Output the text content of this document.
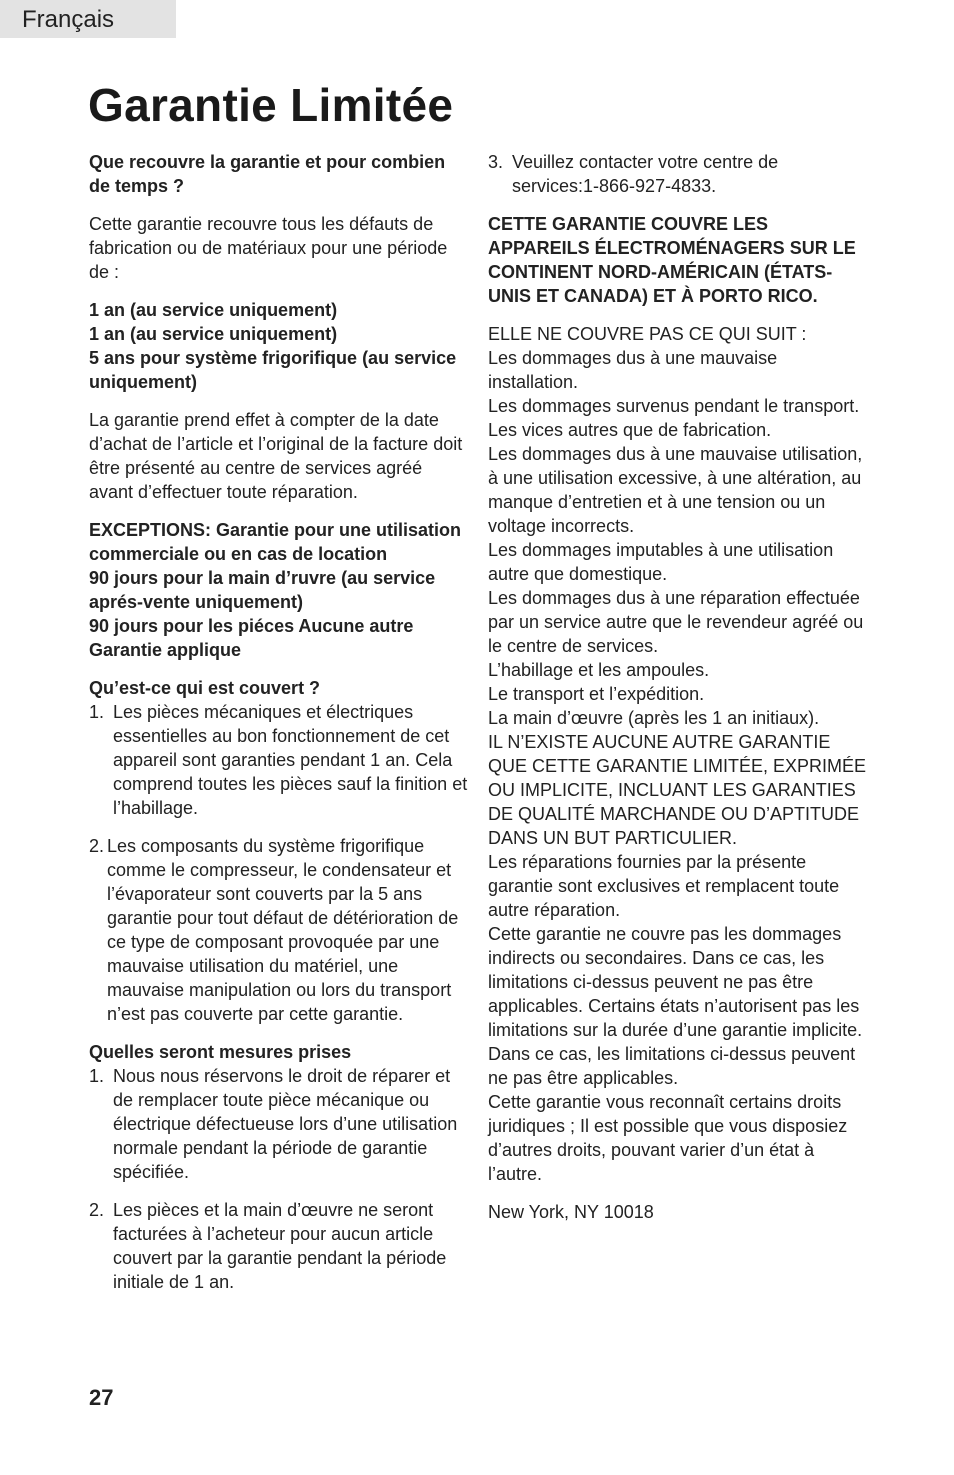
Français
Garantie Limitée
Que recouvre la garantie et pour combien de temps ?
Cette garantie recouvre tous les défauts de fabrication ou de matériaux pour une période de :
1 an (au service uniquement)
1 an (au service uniquement)
5 ans pour système frigorifique (au service uniquement)
La garantie prend effet à compter de la date d’achat de l’article et l’original de la facture doit être présenté au centre de services agréé avant d’effectuer toute réparation.
EXCEPTIONS: Garantie pour une utilisation commerciale ou en cas de location
90 jours pour la main d’ruvre (au service aprés-vente uniquement)
90 jours pour les piéces Aucune autre
Garantie applique
Qu’est-ce qui est couvert ?
1. Les pièces mécaniques et électriques essentielles au bon fonctionnement de cet appareil sont garanties pendant 1 an. Cela comprend toutes les pièces sauf la finition et l’habillage.
2. Les composants du système frigorifique comme le compresseur, le condensateur et l’évaporateur sont couverts par la 5 ans garantie pour tout défaut de détérioration de ce type de composant provoquée par une mauvaise utilisation du matériel, une mauvaise manipulation ou lors du transport n’est pas couverte par cette garantie.
Quelles seront mesures prises
1. Nous nous réservons le droit de réparer et de remplacer toute pièce mécanique ou électrique défectueuse lors d’une utilisation normale pendant la période de garantie spécifiée.
2. Les pièces et la main d’œuvre ne seront facturées à l’acheteur pour aucun article couvert par la garantie pendant la période initiale de 1 an.
3. Veuillez contacter votre centre de services:1-866-927-4833.
CETTE GARANTIE COUVRE LES APPAREILS ÉLECTROMÉNAGERS SUR LE CONTINENT NORD-AMÉRICAIN (ÉTATS-UNIS ET CANADA) ET À PORTO RICO.
ELLE NE COUVRE PAS CE QUI SUIT :
Les dommages dus à une mauvaise installation.
Les dommages survenus pendant le transport.
Les vices autres que de fabrication.
Les dommages dus à une mauvaise utilisation, à une utilisation excessive, à une altération, au manque d’entretien et à une tension ou un voltage incorrects.
Les dommages imputables à une utilisation autre que domestique.
Les dommages dus à une réparation effectuée par un service autre que le revendeur agréé ou le centre de services.
L’habillage et les ampoules.
Le transport et l’expédition.
La main d’œuvre (après les 1 an initiaux).
IL N’EXISTE AUCUNE AUTRE GARANTIE QUE CETTE GARANTIE LIMITÉE, EXPRIMÉE OU IMPLICITE, INCLUANT LES GARANTIES DE QUALITÉ MARCHANDE OU D’APTITUDE DANS UN BUT PARTICULIER.
Les réparations fournies par la présente garantie sont exclusives et remplacent toute autre réparation.
Cette garantie ne couvre pas les dommages indirects ou secondaires. Dans ce cas, les limitations ci-dessus peuvent ne pas être applicables. Certains états n’autorisent pas les limitations sur la durée d’une garantie implicite. Dans ce cas, les limitations ci-dessus peuvent ne pas être applicables.
Cette garantie vous reconnaît certains droits juridiques ; Il est possible que vous disposiez d’autres droits, pouvant varier d’un état à l’autre.
New York, NY 10018
27
